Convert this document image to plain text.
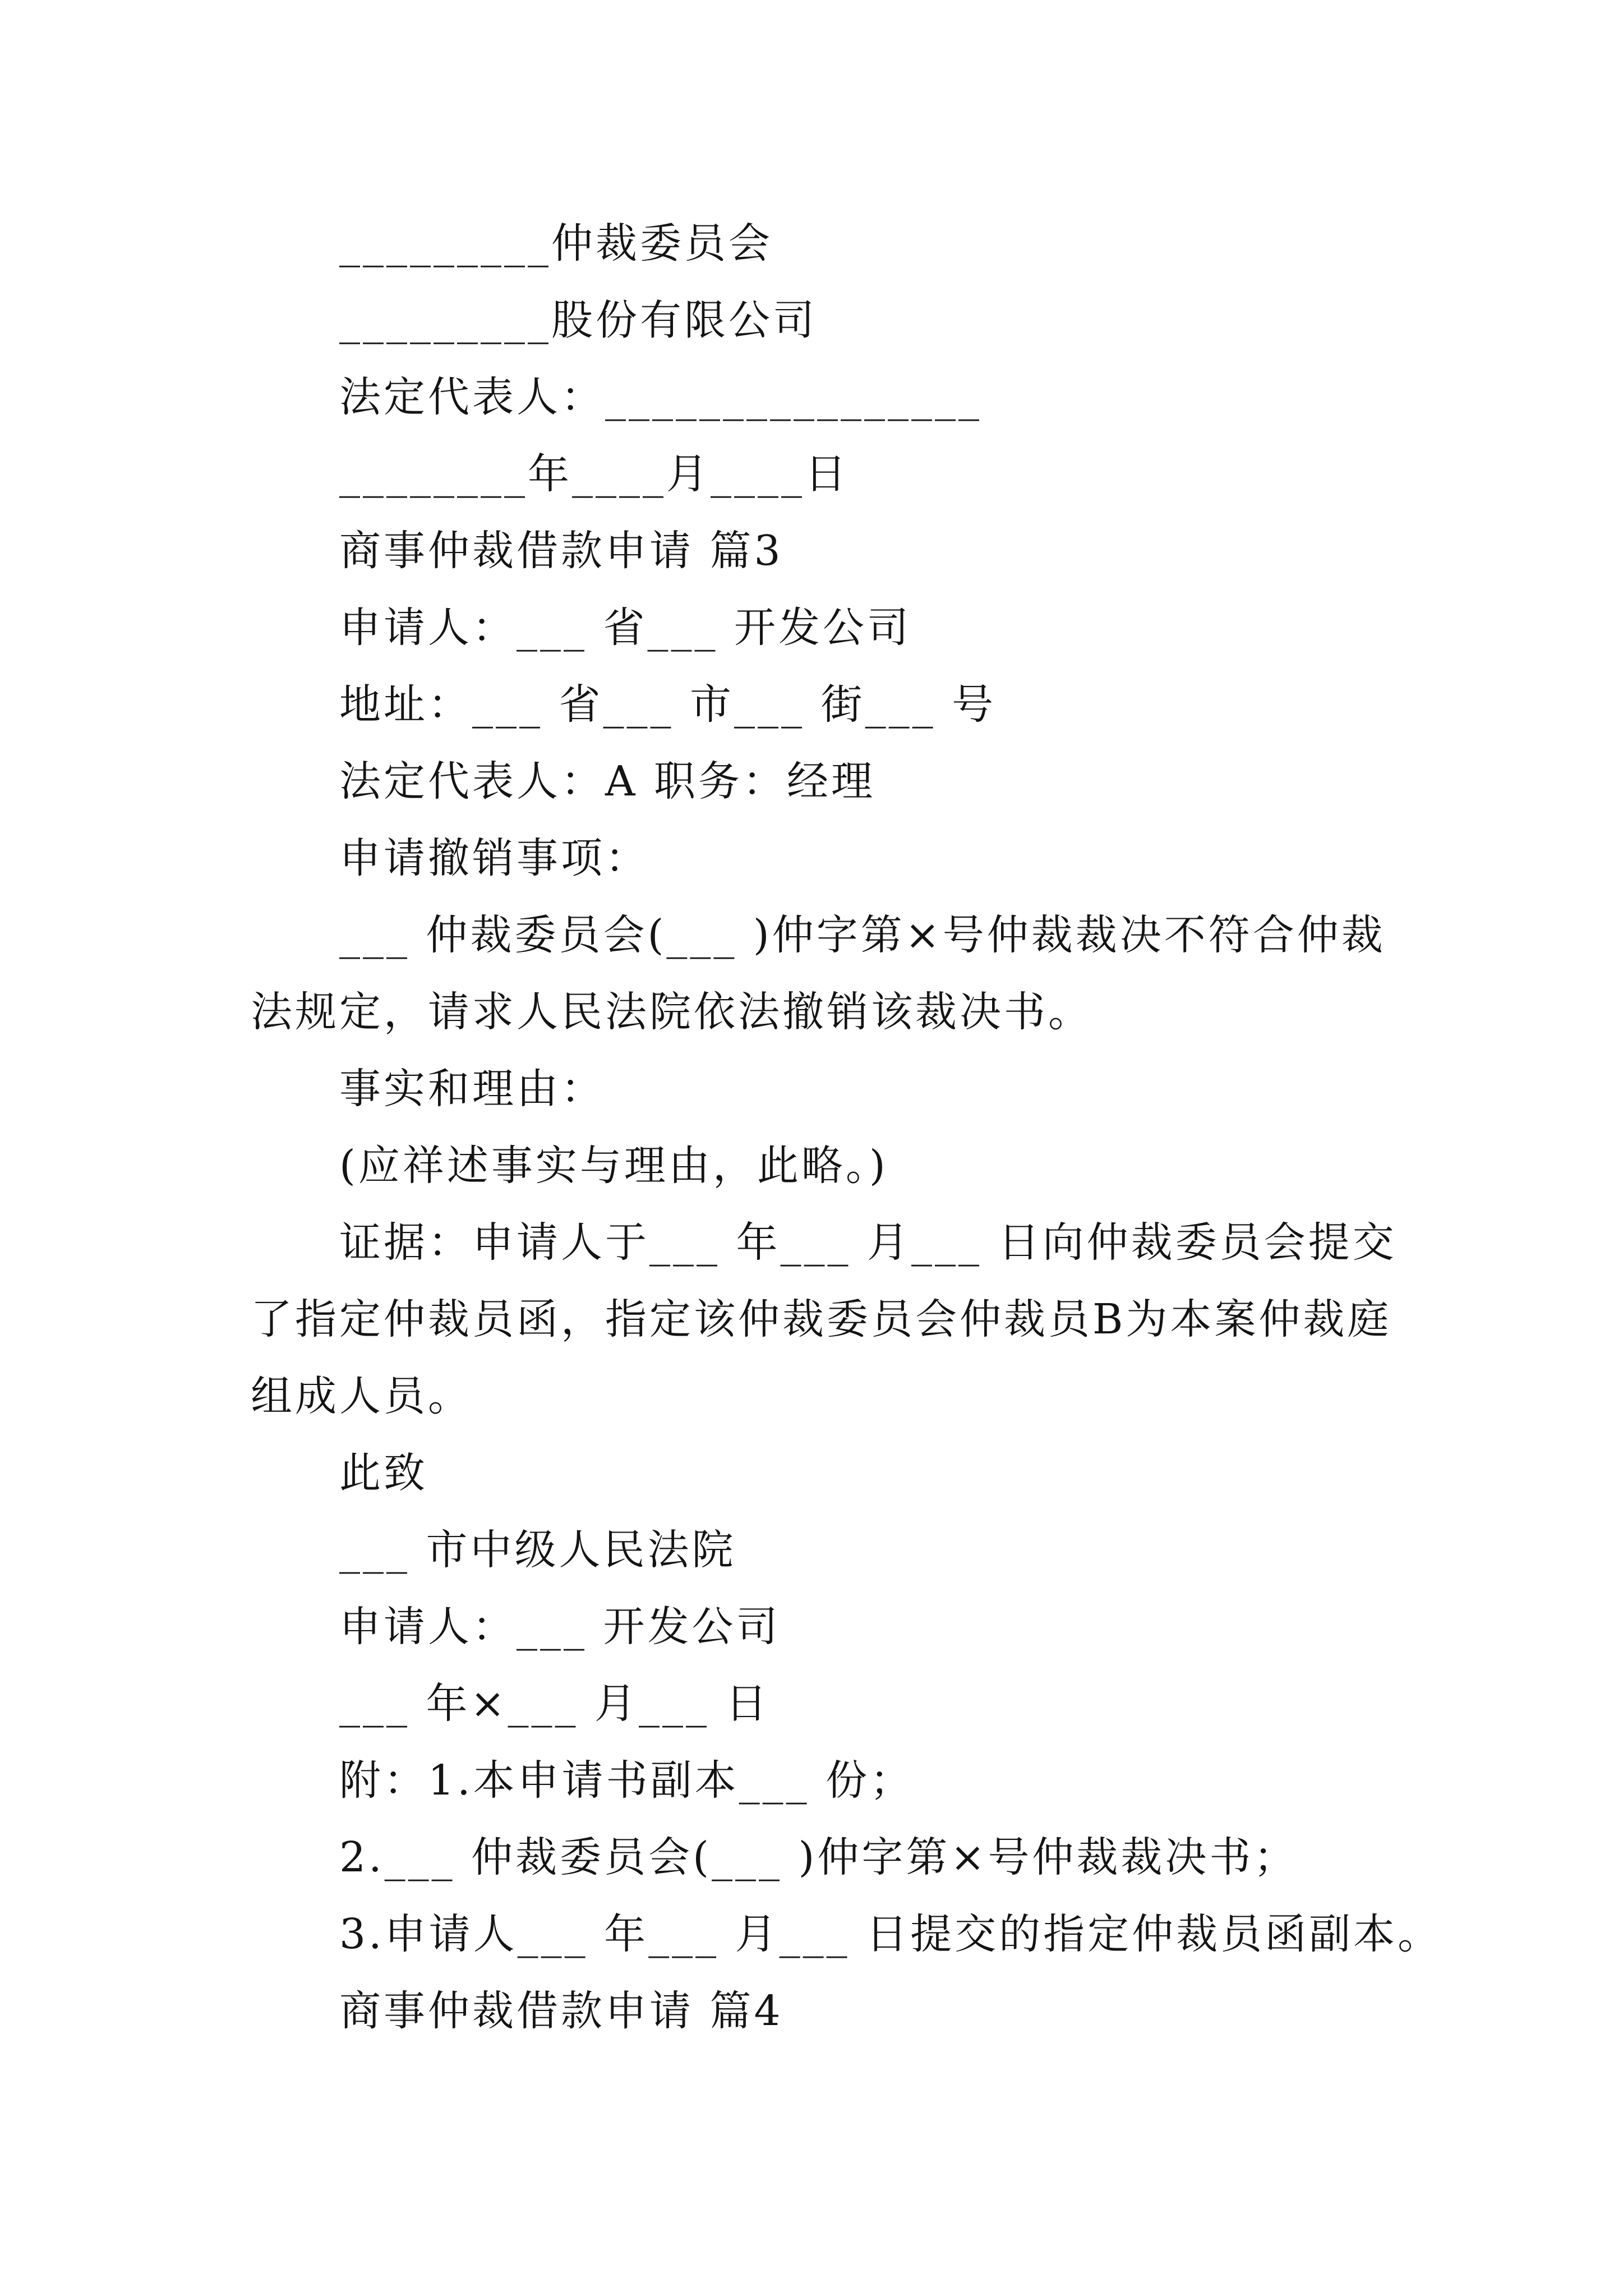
_________仲裁委员会
_________股份有限公司
法定代表人：________________
________年____月____日
商事仲裁借款申请 篇3
申请人：___ 省___ 开发公司
地址：___ 省___ 市___ 街___ 号
法定代表人：A 职务：经理
申请撤销事项：
___ 仲裁委员会(___ )仲字第×号仲裁裁决不符合仲裁
法规定，请求人民法院依法撤销该裁决书。
事实和理由：
(应祥述事实与理由，此略。)
证据：申请人于___ 年___ 月___ 日向仲裁委员会提交
了指定仲裁员函，指定该仲裁委员会仲裁员B为本案仲裁庭
组成人员。
此致
___ 市中级人民法院
申请人：___ 开发公司
___ 年×___ 月___ 日
附：1.本申请书副本___ 份；
2.___ 仲裁委员会(___ )仲字第×号仲裁裁决书；
3.申请人___ 年___ 月___ 日提交的指定仲裁员函副本。
商事仲裁借款申请 篇4
